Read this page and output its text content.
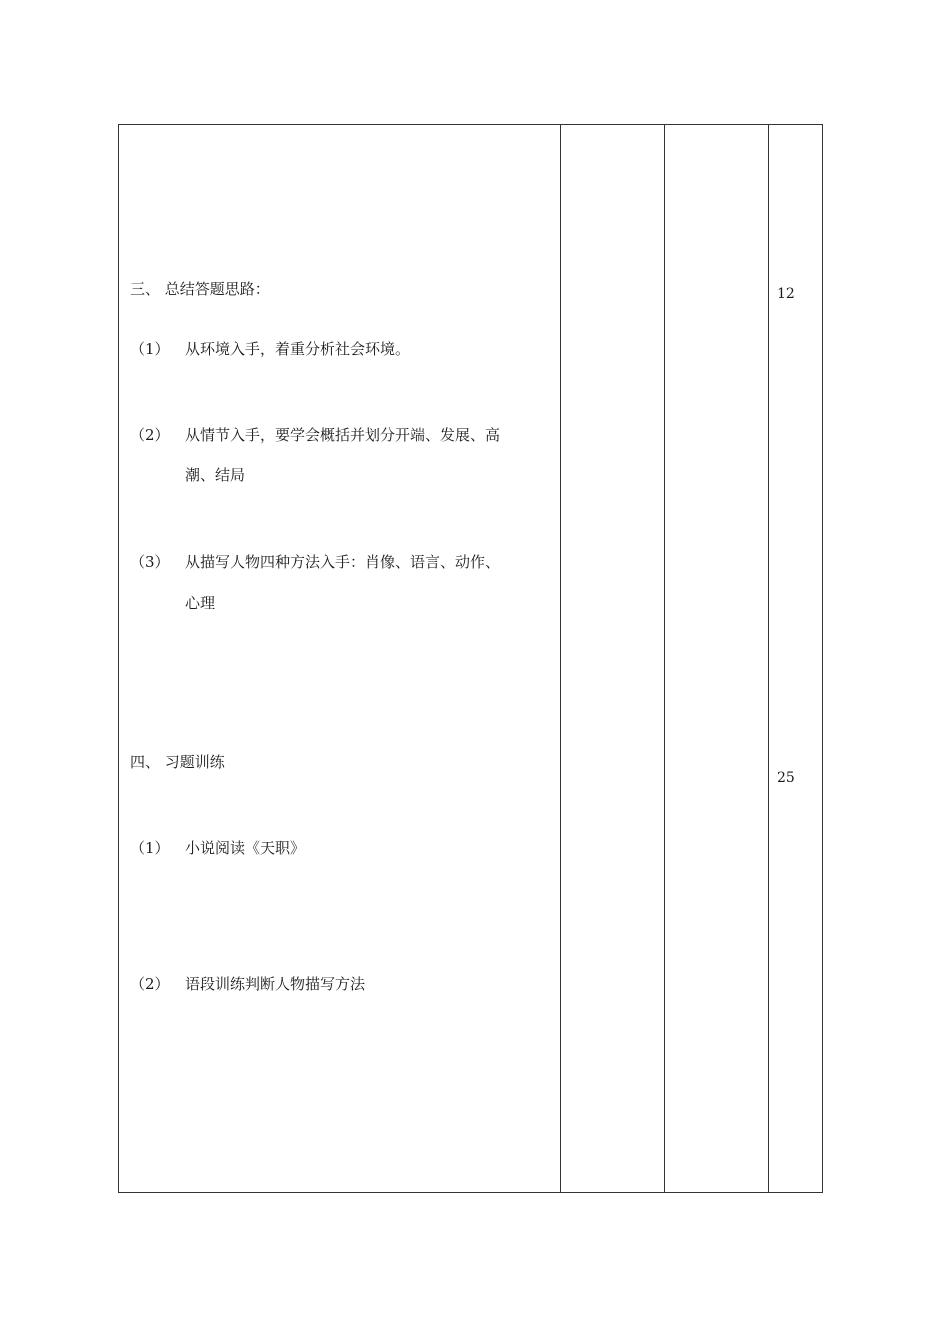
三、 总结答题思路：
（1） 从环境入手，着重分析社会环境。
（2） 从情节入手，要学会概括并划分开端、发展、高
潮、结局
（3） 从描写人物四种方法入手：肖像、语言、动作、
心理
12
四、 习题训练
（1） 小说阅读《天职》
（2） 语段训练判断人物描写方法
25
